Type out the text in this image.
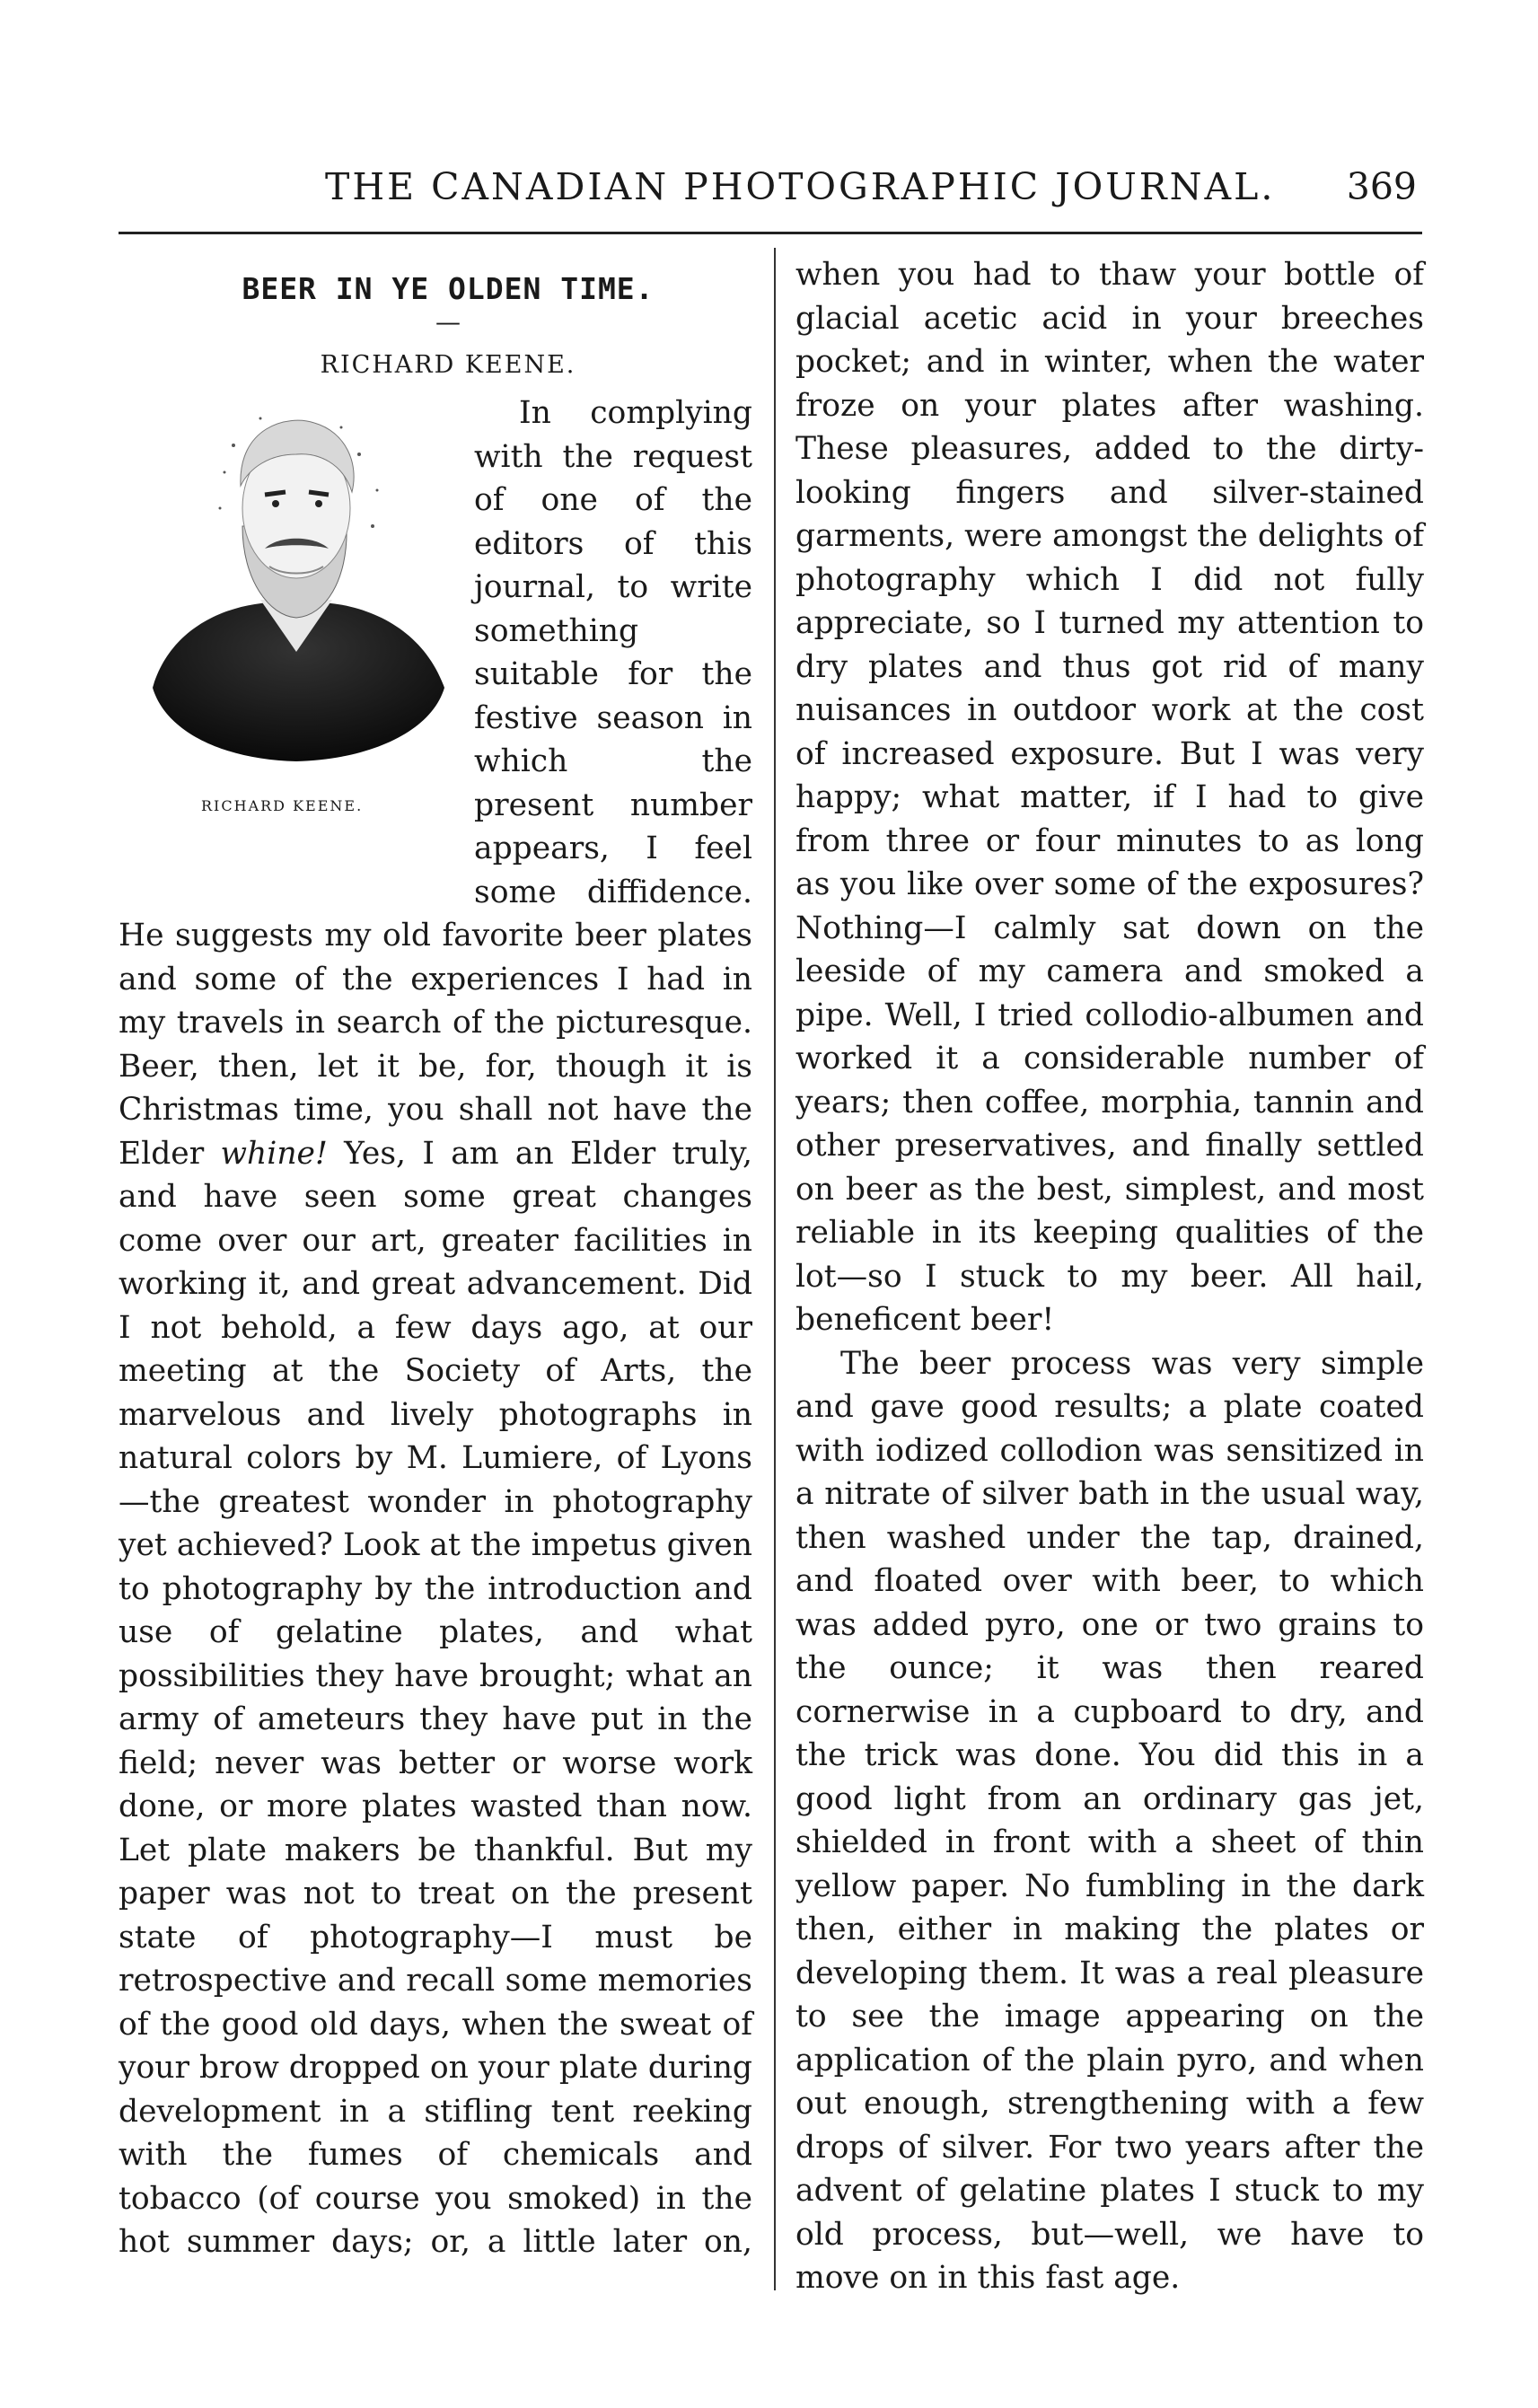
THE CANADIAN PHOTOGRAPHIC JOURNAL. 369
BEER IN YE OLDEN TIME.
—
RICHARD KEENE.
RICHARD KEENE.

In complying with the request of one of the editors of this journal, to write something suitable for the festive season in which the present number appears, I feel some diffidence. He suggests my old favorite beer plates and some of the experiences I had in my travels in search of the picturesque. Beer, then, let it be, for, though it is Christmas time, you shall not have the Elder whine! Yes, I am an Elder truly, and have seen some great changes come over our art, greater facilities in working it, and great advancement. Did I not behold, a few days ago, at our meeting at the Society of Arts, the marvelous and lively photographs in natural colors by M. Lumiere, of Lyons—the greatest wonder in photography yet achieved? Look at the impetus given to photography by the introduction and use of gelatine plates, and what possibilities they have brought; what an army of ameteurs they have put in the field; never was better or worse work done, or more plates wasted than now. Let plate makers be thankful. But my paper was not to treat on the present state of photography—I must be retrospective and recall some memories of the good old days, when the sweat of your brow dropped on your plate during development in a stifling tent reeking with the fumes of chemicals and tobacco (of course you smoked) in the hot summer days; or, a little later on,

when you had to thaw your bottle of glacial acetic acid in your breeches pocket; and in winter, when the water froze on your plates after washing. These pleasures, added to the dirty-looking fingers and silver-stained garments, were amongst the delights of photography which I did not fully appreciate, so I turned my attention to dry plates and thus got rid of many nuisances in outdoor work at the cost of increased exposure. But I was very happy; what matter, if I had to give from three or four minutes to as long as you like over some of the exposures? Nothing—I calmly sat down on the leeside of my camera and smoked a pipe. Well, I tried collodio-albumen and worked it a considerable number of years; then coffee, morphia, tannin and other preservatives, and finally settled on beer as the best, simplest, and most reliable in its keeping qualities of the lot—so I stuck to my beer. All hail, beneficent beer!

The beer process was very simple and gave good results; a plate coated with iodized collodion was sensitized in a nitrate of silver bath in the usual way, then washed under the tap, drained, and floated over with beer, to which was added pyro, one or two grains to the ounce; it was then reared cornerwise in a cupboard to dry, and the trick was done. You did this in a good light from an ordinary gas jet, shielded in front with a sheet of thin yellow paper. No fumbling in the dark then, either in making the plates or developing them. It was a real pleasure to see the image appearing on the application of the plain pyro, and when out enough, strengthening with a few drops of silver. For two years after the advent of gelatine plates I stuck to my old process, but—well, we have to move on in this fast age.
